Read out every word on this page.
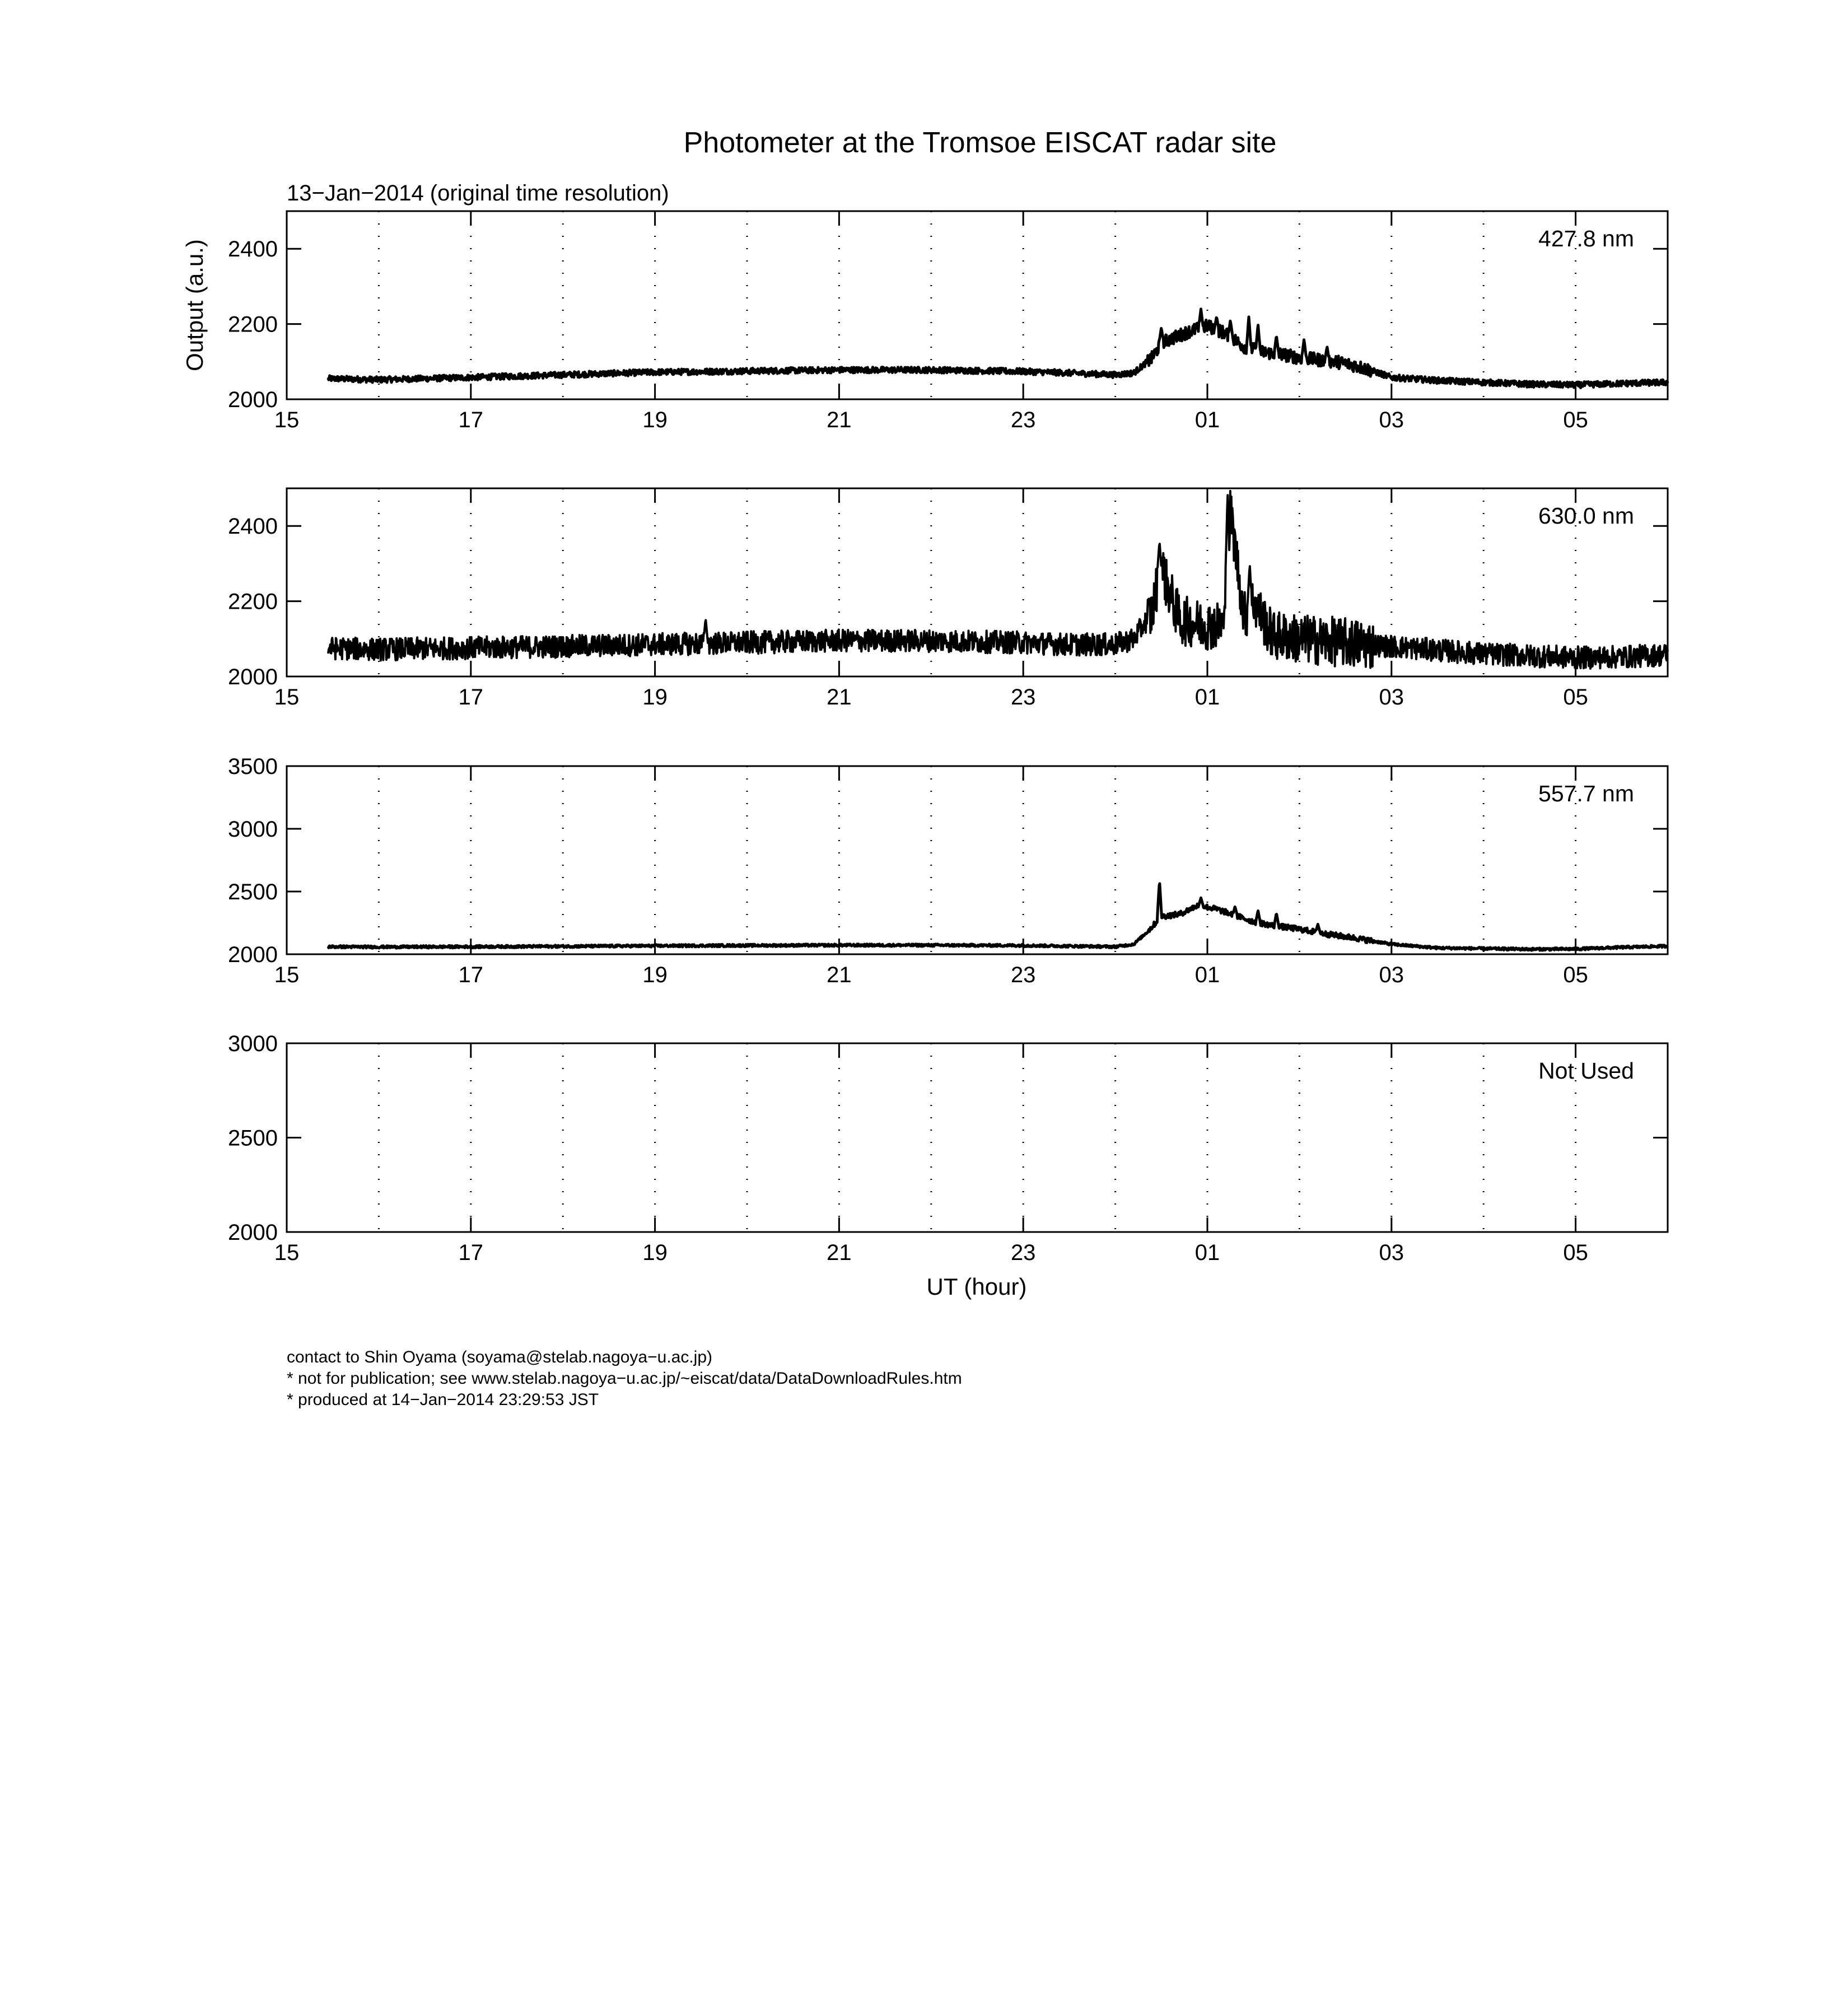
Photometer at the Tromsoe EISCAT radar site
13−Jan−2014 (original time resolution)
Output (a.u.)
UT (hour)
2000
2200
2400
15	17	19	21	23	01	03	05
427.8 nm
2000
2200
2400
15	17	19	21	23	01	03	05
630.0 nm
2000
2500
3000
3500
15	17	19	21	23	01	03	05
557.7 nm
2000
2500
3000
15	17	19	21	23	01	03	05
Not Used
contact to Shin Oyama (soyama@stelab.nagoya−u.ac.jp)
* not for publication; see www.stelab.nagoya−u.ac.jp/~eiscat/data/DataDownloadRules.htm
* produced at 14−Jan−2014 23:29:53 JST
